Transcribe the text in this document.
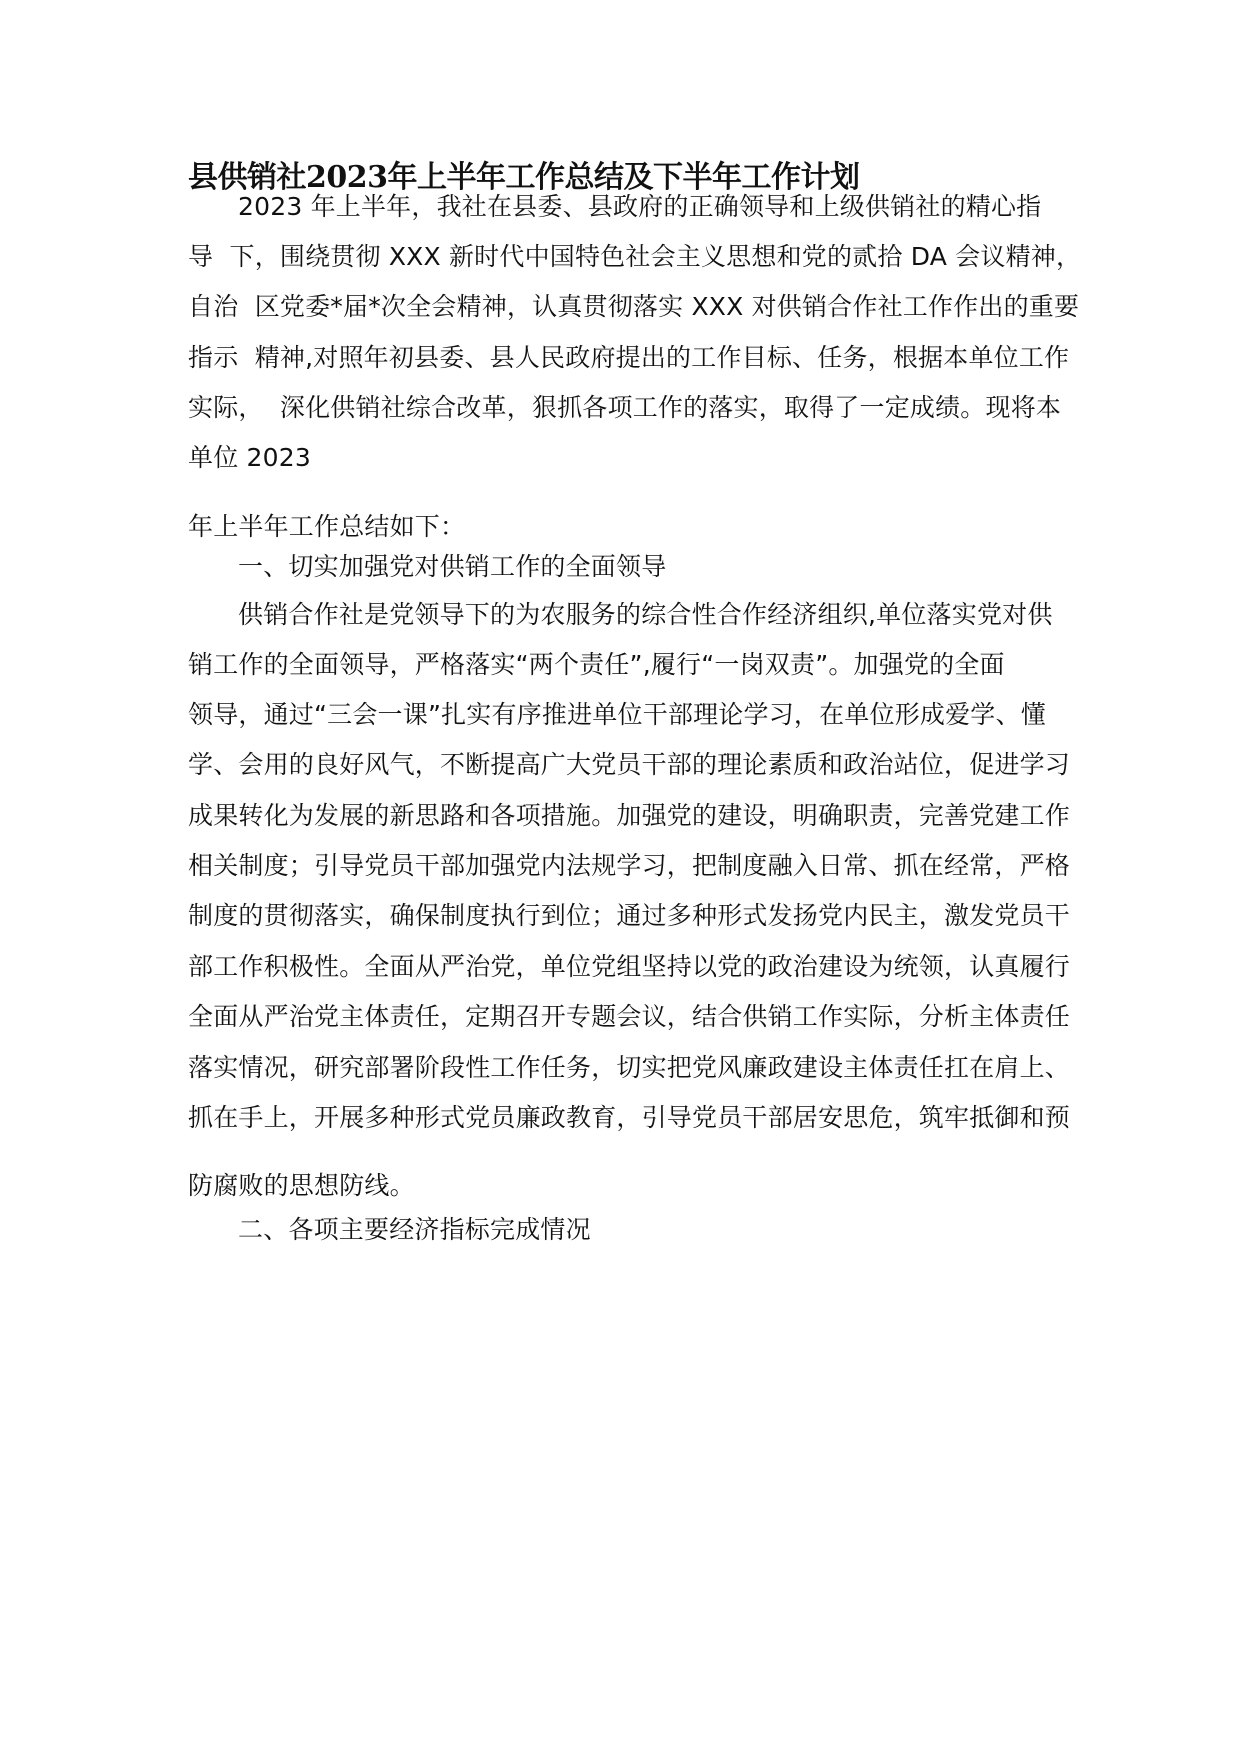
县供销社2023年上半年工作总结及下半年工作计划

2023 年上半年，我社在县委、县政府的正确领导和上级供销社的精心指

导  下，围绕贯彻 XXX 新时代中国特色社会主义思想和党的贰拾 DA 会议精神，

自治  区党委*届*次全会精神，认真贯彻落实 XXX 对供销合作社工作作出的重要

指示  精神,对照年初县委、县人民政府提出的工作目标、任务，根据本单位工作

实际，  深化供销社综合改革，狠抓各项工作的落实，取得了一定成绩。现将本

单位 2023

年上半年工作总结如下：

一、切实加强党对供销工作的全面领导

供销合作社是党领导下的为农服务的综合性合作经济组织,单位落实党对供

销工作的全面领导，严格落实“两个责任”,履行“一岗双责”。加强党的全面

领导，通过“三会一课”扎实有序推进单位干部理论学习，在单位形成爱学、懂

学、会用的良好风气，不断提高广大党员干部的理论素质和政治站位，促进学习

成果转化为发展的新思路和各项措施。加强党的建设，明确职责，完善党建工作

相关制度；引导党员干部加强党内法规学习，把制度融入日常、抓在经常，严格

制度的贯彻落实，确保制度执行到位；通过多种形式发扬党内民主，激发党员干

部工作积极性。全面从严治党，单位党组坚持以党的政治建设为统领，认真履行

全面从严治党主体责任，定期召开专题会议，结合供销工作实际，分析主体责任

落实情况，研究部署阶段性工作任务，切实把党风廉政建设主体责任扛在肩上、

抓在手上，开展多种形式党员廉政教育，引导党员干部居安思危，筑牢抵御和预

防腐败的思想防线。

二、各项主要经济指标完成情况
